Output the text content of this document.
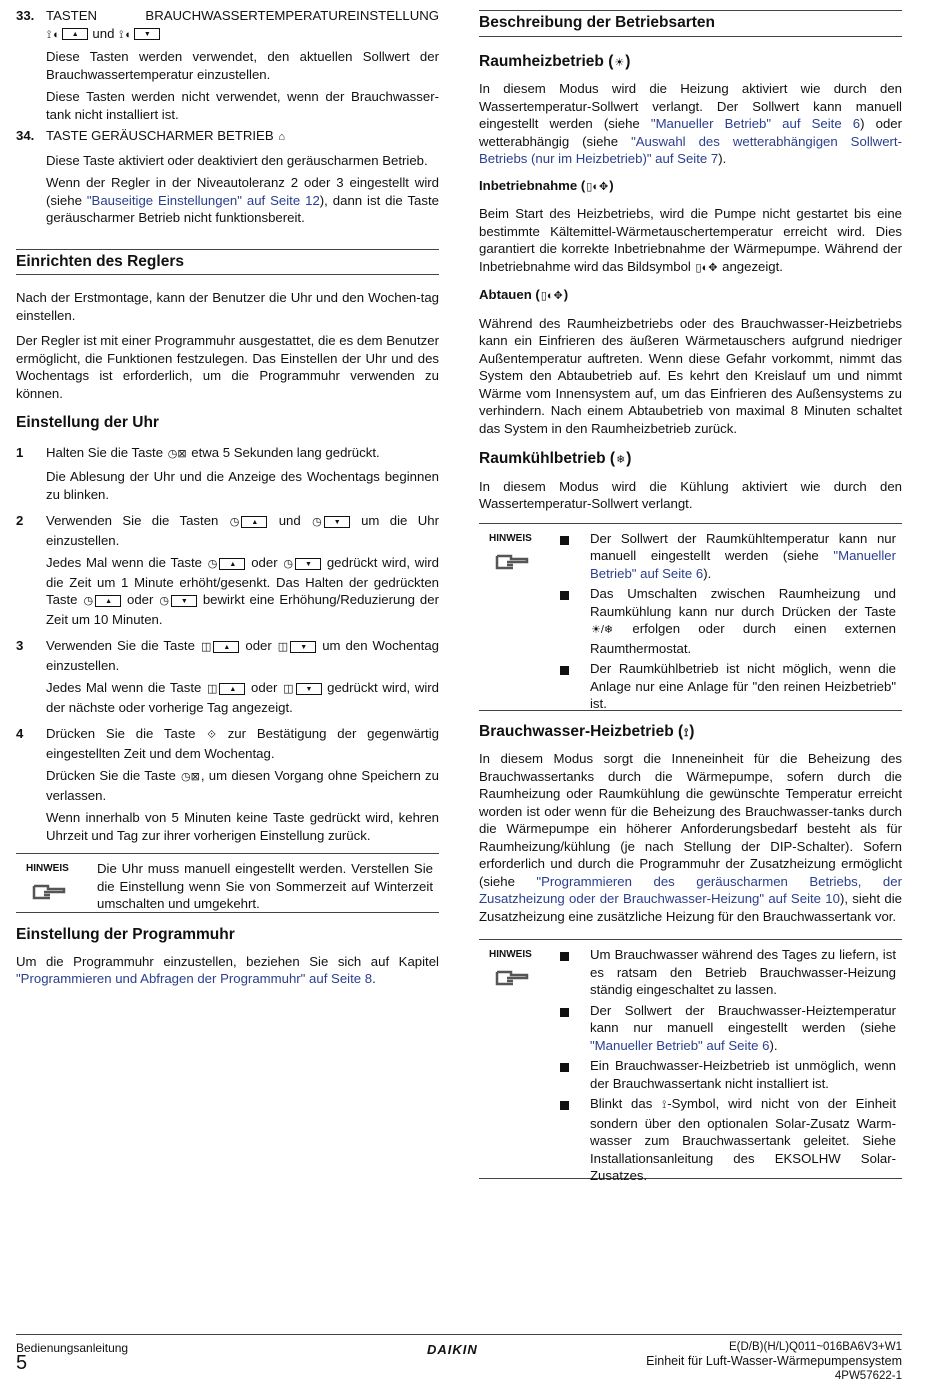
33. TASTEN	BRAUCHWASSERTEMPERATUREINSTELLUNG

⟟ ◐ ▲ und ⟟ ◐ ▼

Diese Tasten werden verwendet, den aktuellen Sollwert der Brauchwassertemperatur einzustellen.

Diese Tasten werden nicht verwendet, wenn der Brauchwasser-tank nicht installiert ist.

34. TASTE GERÄUSCHARMER BETRIEB ⌂

Diese Taste aktiviert oder deaktiviert den geräuscharmen Betrieb.

Wenn der Regler in der Niveautoleranz 2 oder 3 eingestellt wird (siehe "Bauseitige Einstellungen" auf Seite 12), dann ist die Taste geräuscharmer Betrieb nicht funktionsbereit.

Einrichten des Reglers

Nach der Erstmontage, kann der Benutzer die Uhr und den Wochen-tag einstellen.

Der Regler ist mit einer Programmuhr ausgestattet, die es dem Benutzer ermöglicht, die Funktionen festzulegen. Das Einstellen der Uhr und des Wochentags ist erforderlich, um die Programmuhr verwenden zu können.

Einstellung der Uhr
1 Halten Sie die Taste ◷⊠ etwa 5 Sekunden lang gedrückt.

Die Ablesung der Uhr und die Anzeige des Wochentags beginnen zu blinken.

2 Verwenden Sie die Tasten ◷ ▲ und ◷ ▼ um die Uhr einzustellen.

Jedes Mal wenn die Taste ◷ ▲ oder ◷ ▼ gedrückt wird, wird die Zeit um 1 Minute erhöht/gesenkt. Das Halten der gedrückten Taste ◷ ▲ oder ◷ ▼ bewirkt eine Erhöhung/Reduzierung der Zeit um 10 Minuten.

3 Verwenden Sie die Taste ◫ ▲ oder ◫ ▼ um den Wochentag einzustellen.

Jedes Mal wenn die Taste ◫ ▲ oder ◫ ▼ gedrückt wird, wird der nächste oder vorherige Tag angezeigt.

4 Drücken Sie die Taste ⟐ zur Bestätigung der gegenwärtig eingestellten Zeit und dem Wochentag.

Drücken Sie die Taste ◷⊠, um diesen Vorgang ohne Speichern zu verlassen.

Wenn innerhalb von 5 Minuten keine Taste gedrückt wird, kehren Uhrzeit und Tag zur ihrer vorherigen Einstellung zurück.

HINWEIS Die Uhr muss manuell eingestellt werden. Verstellen Sie die Einstellung wenn Sie von Sommerzeit auf Winterzeit umschalten und umgekehrt.

Einstellung der Programmuhr

Um die Programmuhr einzustellen, beziehen Sie sich auf Kapitel "Programmieren und Abfragen der Programmuhr" auf Seite 8.

Beschreibung der Betriebsarten
Raumheizbetrieb (☀)

In diesem Modus wird die Heizung aktiviert wie durch den Wassertemperatur-Sollwert verlangt. Der Sollwert kann manuell eingestellt werden (siehe "Manueller Betrieb" auf Seite 6) oder wetterabhängig (siehe "Auswahl des wetterabhängigen Sollwert-Betriebs (nur im Heizbetrieb)" auf Seite 7).

Inbetriebnahme (▯◐✥)

Beim Start des Heizbetriebs, wird die Pumpe nicht gestartet bis eine bestimmte Kältemittel-Wärmetauschertemperatur erreicht wird. Dies garantiert die korrekte Inbetriebnahme der Wärmepumpe. Während der Inbetriebnahme wird das Bildsymbol ▯◐✥ angezeigt.

Abtauen (▯◐✥)

Während des Raumheizbetriebs oder des Brauchwasser-Heizbetriebs kann ein Einfrieren des äußeren Wärmetauschers aufgrund niedriger Außentemperatur auftreten. Wenn diese Gefahr vorkommt, nimmt das System den Abtaubetrieb auf. Es kehrt den Kreislauf um und nimmt Wärme vom Innensystem auf, um das Einfrieren des Außensystems zu verhindern. Nach einem Abtaubetrieb von maximal 8 Minuten schaltet das System in den Raumheizbetrieb zurück.

Raumkühlbetrieb (❄)

In diesem Modus wird die Kühlung aktiviert wie durch den Wassertemperatur-Sollwert verlangt.

HINWEIS	Der Sollwert der Raumkühltemperatur kann nur manuell eingestellt werden (siehe "Manueller Betrieb" auf Seite 6).
Das Umschalten zwischen Raumheizung und Raumkühlung kann nur durch Drücken der Taste ☀/❄ erfolgen oder durch einen externen Raumthermostat.
Der Raumkühlbetrieb ist nicht möglich, wenn die Anlage nur eine Anlage für "den reinen Heizbetrieb" ist.
Brauchwasser-Heizbetrieb (⟟)

In diesem Modus sorgt die Inneneinheit für die Beheizung des Brauchwassertanks durch die Wärmepumpe, sofern durch die Raumheizung oder Raumkühlung die gewünschte Temperatur erreicht worden ist oder wenn für die Beheizung des Brauchwasser-tanks durch die Wärmepumpe ein höherer Anforderungsbedarf besteht als für Raumheizung/kühlung (je nach Stellung der DIP-Schalter). Sofern erforderlich und durch die Programmuhr der Zusatzheizung ermöglicht (siehe "Programmieren des geräuscharmen Betriebs, der Zusatzheizung oder der Brauchwasser-Heizung" auf Seite 10), sieht die Zusatzheizung eine zusätzliche Heizung für den Brauchwassertank vor.

HINWEIS	Um Brauchwasser während des Tages zu liefern, ist es ratsam den Betrieb Brauchwasser-Heizung ständig eingeschaltet zu lassen.
Der Sollwert der Brauchwasser-Heiztemperatur kann nur manuell eingestellt werden (siehe "Manueller Betrieb" auf Seite 6).
Ein Brauchwasser-Heizbetrieb ist unmöglich, wenn der Brauchwassertank nicht installiert ist.
Blinkt das ⟟-Symbol, wird nicht von der Einheit sondern über den optionalen Solar-Zusatz Warm-wasser zum Brauchwassertank geleitet. Siehe Installationsanleitung des EKSOLHW Solar-Zusatzes.
Bedienungsanleitung
5
DAIKIN	E(D/B)(H/L)Q011~016BA6V3+W1
Einheit für Luft-Wasser-Wärmepumpensystem
4PW57622-1
